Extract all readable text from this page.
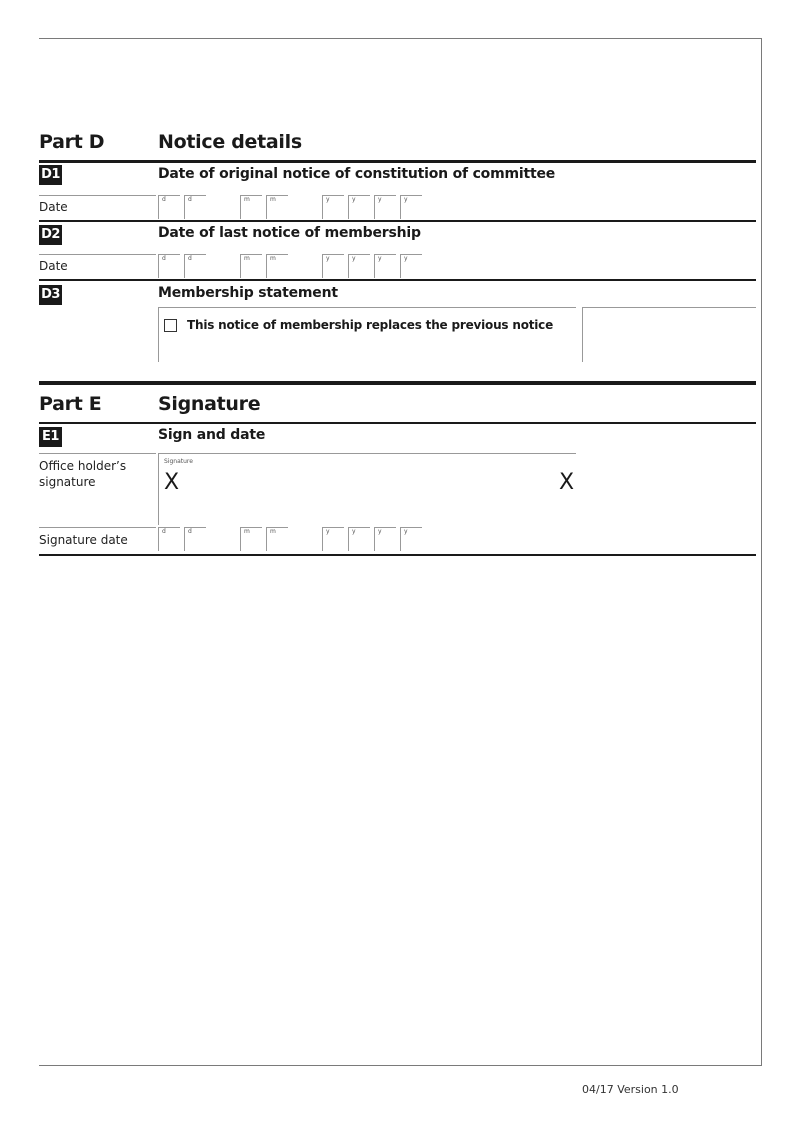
Part D	Notice details
D1	Date of original notice of constitution of committee
Date
d	d	m	m	y	y	y	y
D2	Date of last notice of membership
Date
d	d	m	m	y	y	y	y
D3	Membership statement
This notice of membership replaces the previous notice
Part E	Signature
E1	Sign and date
Office holder’s signature
Signature
X	X
Signature date
d	d	m	m	y	y	y	y
04/17 Version 1.0
